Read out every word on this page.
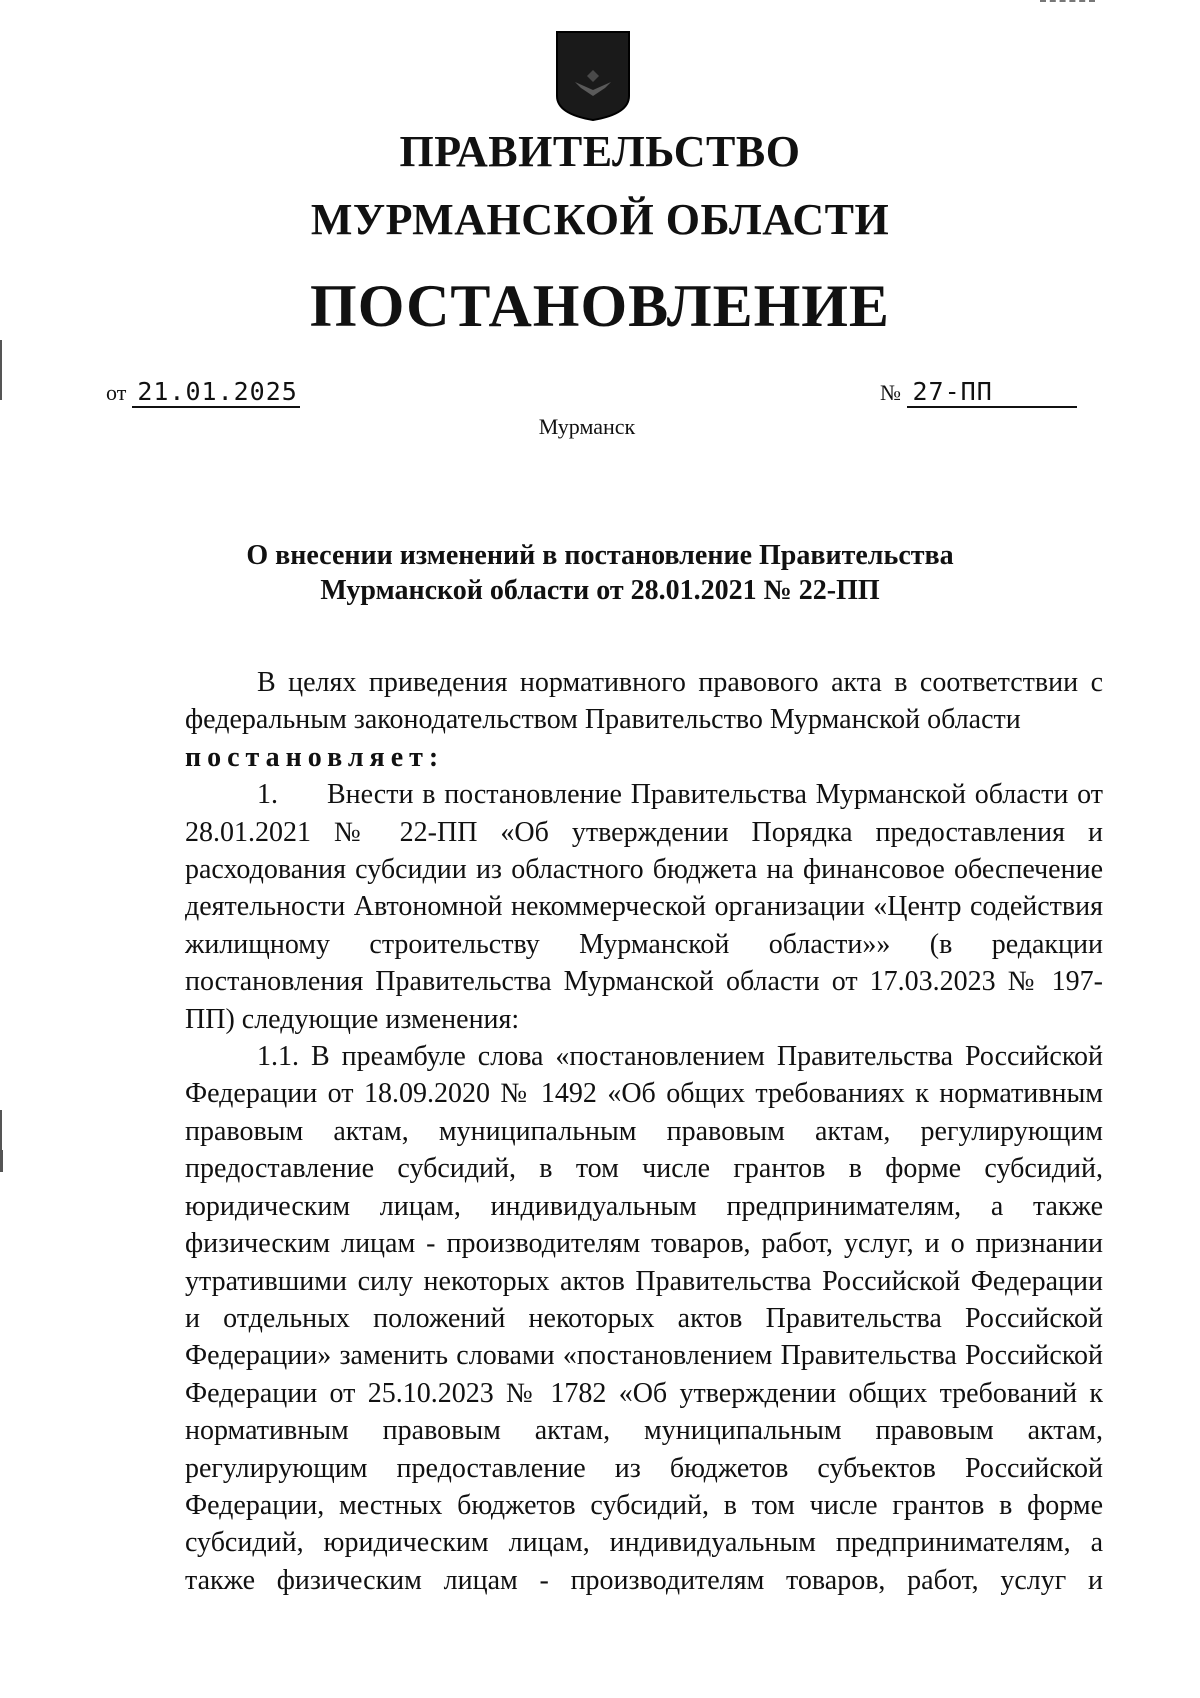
ПРАВИТЕЛЬСТВО
МУРМАНСКОЙ ОБЛАСТИ
ПОСТАНОВЛЕНИЕ
от 21.01.2025	№ 27-ПП
Мурманск
О внесении изменений в постановление Правительства
Мурманской области от 28.01.2021 № 22-ПП
В целях приведения нормативного правового акта в соответствии с федеральным законодательством Правительство Мурманской области
постановляет:
1. Внести в постановление Правительства Мурманской области от 28.01.2021 № 22-ПП «Об утверждении Порядка предоставления и расходования субсидии из областного бюджета на финансовое обеспечение деятельности Автономной некоммерческой организации «Центр содействия жилищному строительству Мурманской области»» (в редакции постановления Правительства Мурманской области от 17.03.2023 № 197-ПП) следующие изменения:
1.1. В преамбуле слова «постановлением Правительства Российской Федерации от 18.09.2020 № 1492 «Об общих требованиях к нормативным правовым актам, муниципальным правовым актам, регулирующим предоставление субсидий, в том числе грантов в форме субсидий, юридическим лицам, индивидуальным предпринимателям, а также физическим лицам - производителям товаров, работ, услуг, и о признании утратившими силу некоторых актов Правительства Российской Федерации и отдельных положений некоторых актов Правительства Российской Федерации» заменить словами «постановлением Правительства Российской Федерации от 25.10.2023 № 1782 «Об утверждении общих требований к нормативным правовым актам, муниципальным правовым актам, регулирующим предоставление из бюджетов субъектов Российской Федерации, местных бюджетов субсидий, в том числе грантов в форме субсидий, юридическим лицам, индивидуальным предпринимателям, а также физическим лицам - производителям товаров, работ, услуг и
